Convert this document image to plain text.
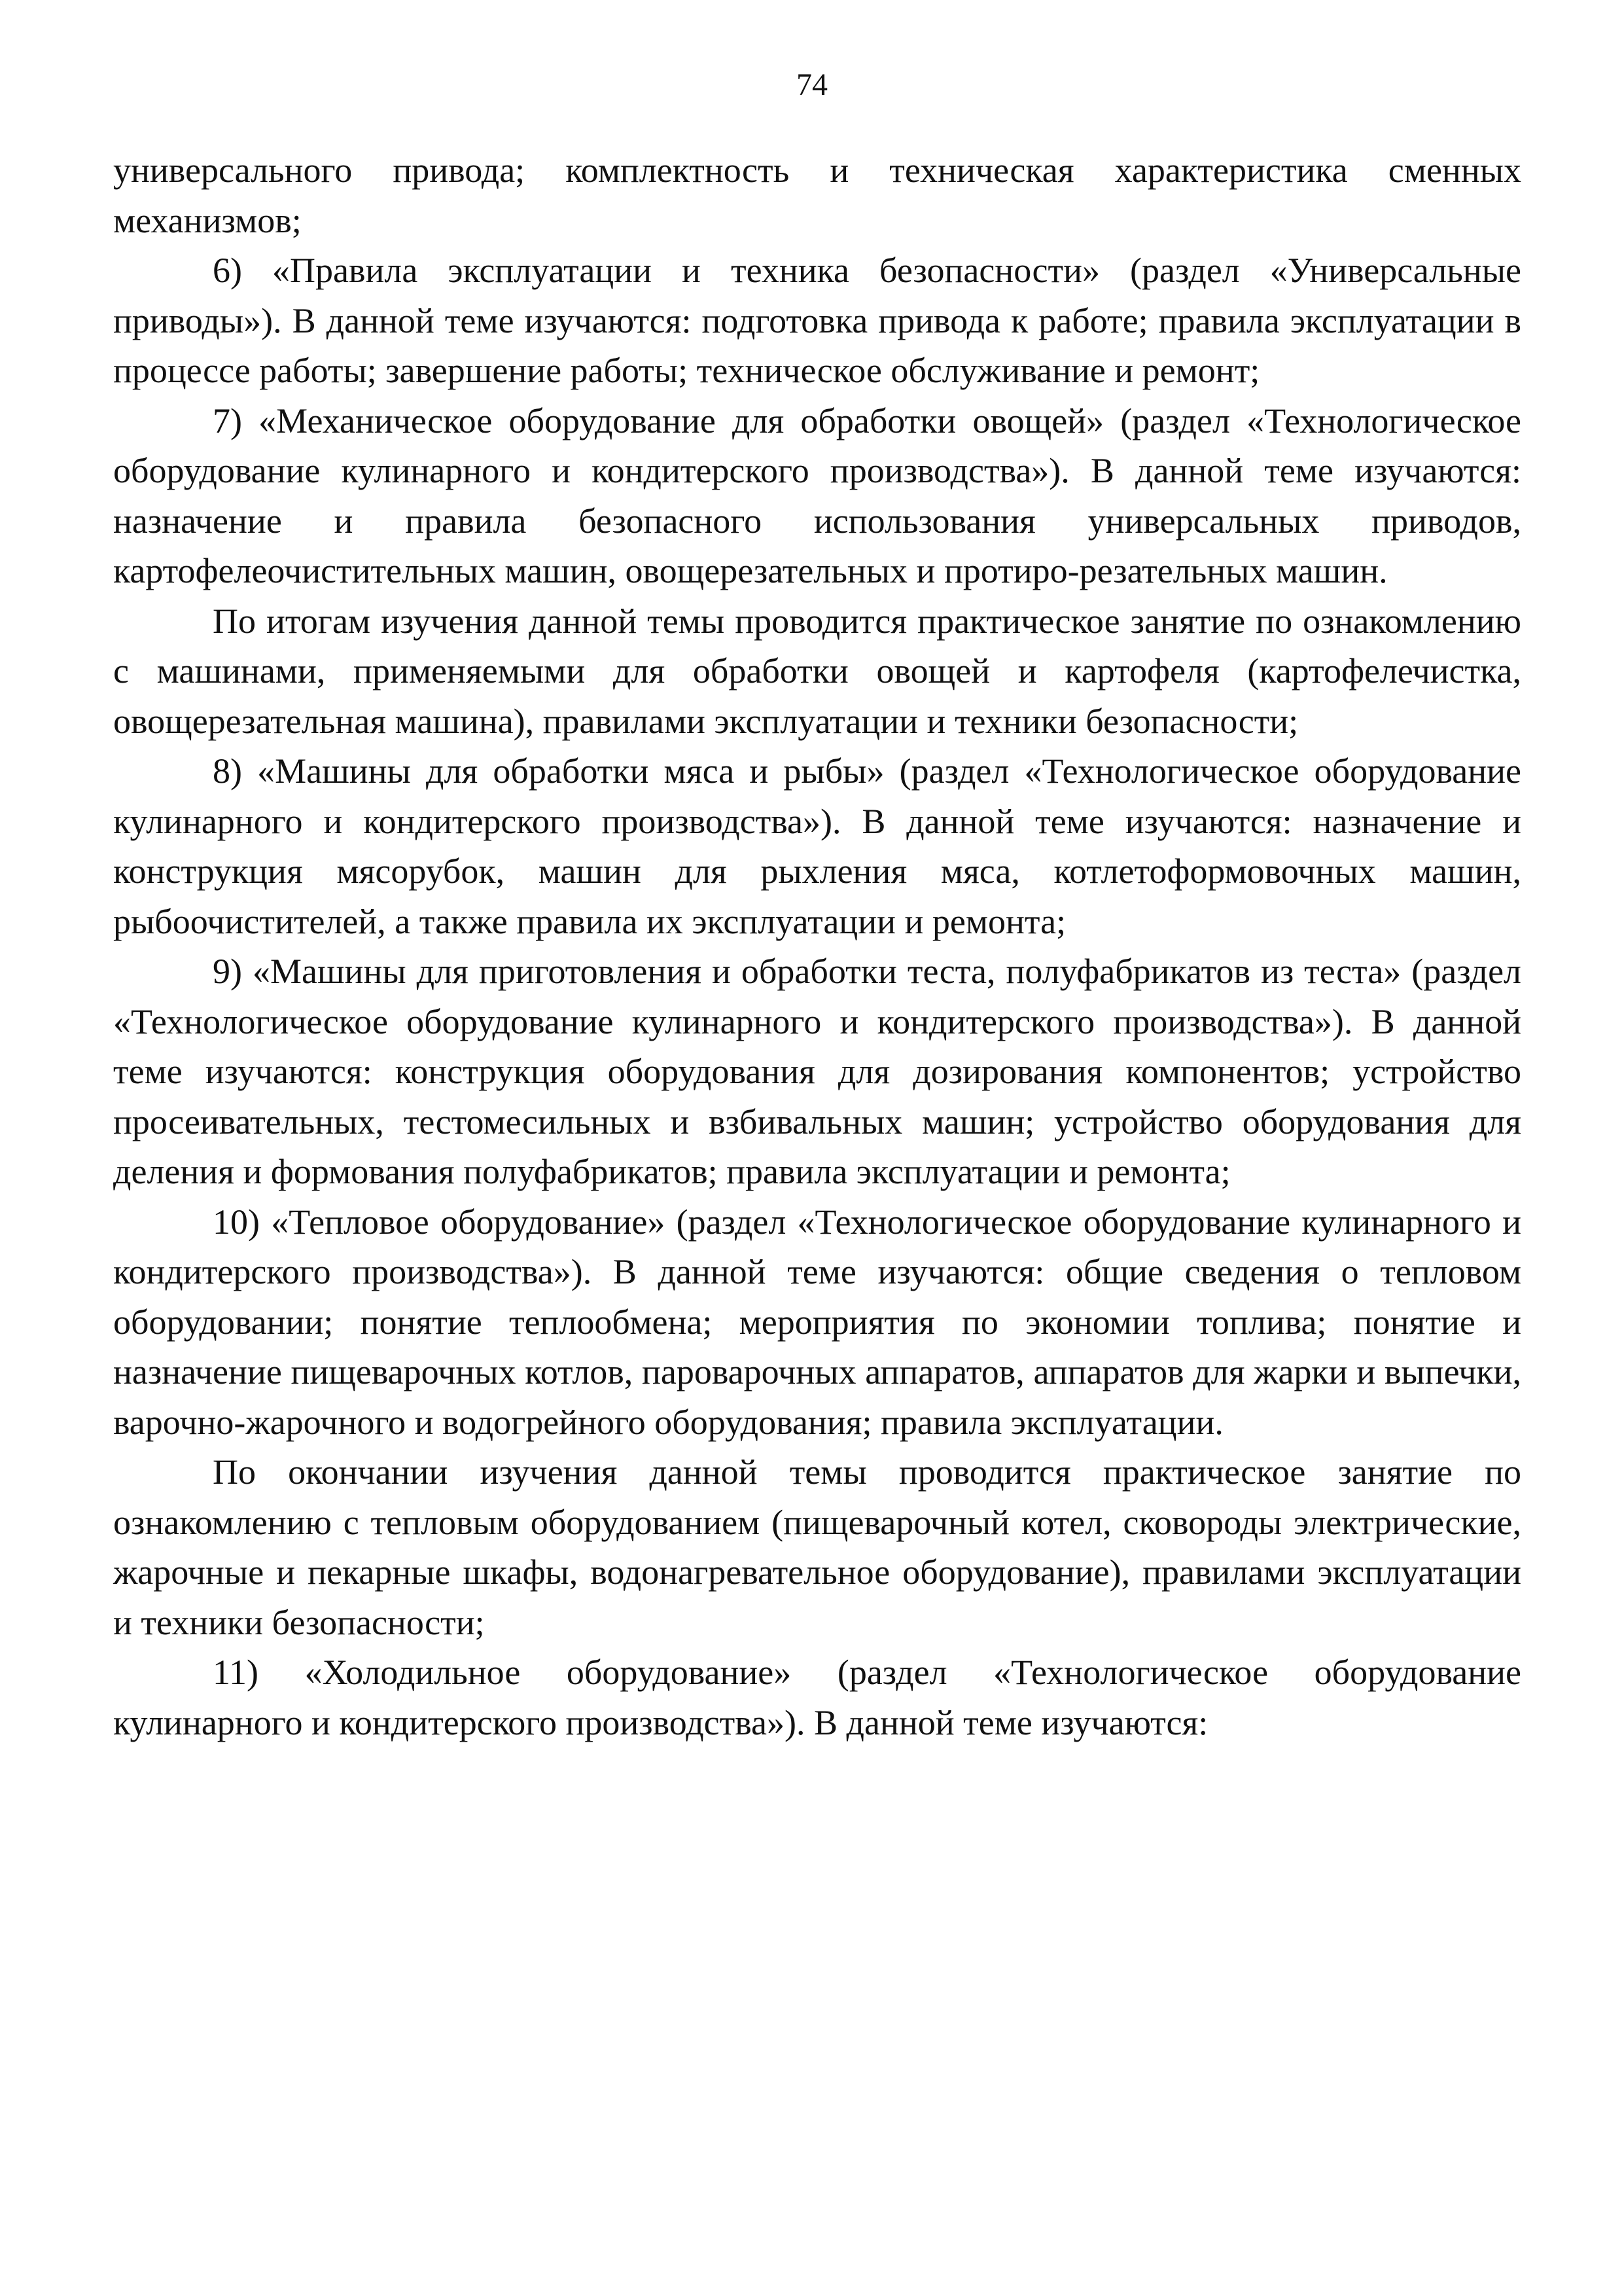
74

универсального привода; комплектность и техническая характеристика сменных механизмов;

6) «Правила эксплуатации и техника безопасности» (раздел «Универсальные приводы»). В данной теме изучаются: подготовка привода к работе; правила эксплуатации в процессе работы; завершение работы; техническое обслуживание и ремонт;

7) «Механическое оборудование для обработки овощей» (раздел «Технологическое оборудование кулинарного и кондитерского производства»). В данной теме изучаются: назначение и правила безопасного использования универсальных приводов, картофелеочистительных машин, овощерезательных и протиро-резательных машин.

По итогам изучения данной темы проводится практическое занятие по ознакомлению с машинами, применяемыми для обработки овощей и картофеля (картофелечистка, овощерезательная машина), правилами эксплуатации и техники безопасности;

8) «Машины для обработки мяса и рыбы» (раздел «Технологическое оборудование кулинарного и кондитерского производства»). В данной теме изучаются: назначение и конструкция мясорубок, машин для рыхления мяса, котлетоформовочных машин, рыбоочистителей, а также правила их эксплуатации и ремонта;

9) «Машины для приготовления и обработки теста, полуфабрикатов из теста» (раздел «Технологическое оборудование кулинарного и кондитерского производства»). В данной теме изучаются: конструкция оборудования для дозирования компонентов; устройство просеивательных, тестомесильных и взбивальных машин; устройство оборудования для деления и формования полуфабрикатов; правила эксплуатации и ремонта;

10) «Тепловое оборудование» (раздел «Технологическое оборудование кулинарного и кондитерского производства»). В данной теме изучаются: общие сведения о тепловом оборудовании; понятие теплообмена; мероприятия по экономии топлива; понятие и назначение пищеварочных котлов, пароварочных аппаратов, аппаратов для жарки и выпечки, варочно-жарочного и водогрейного оборудования; правила эксплуатации.

По окончании изучения данной темы проводится практическое занятие по ознакомлению с тепловым оборудованием (пищеварочный котел, сковороды электрические, жарочные и пекарные шкафы, водонагревательное оборудование), правилами эксплуатации и техники безопасности;

11) «Холодильное оборудование» (раздел «Технологическое оборудование кулинарного и кондитерского производства»). В данной теме изучаются:
